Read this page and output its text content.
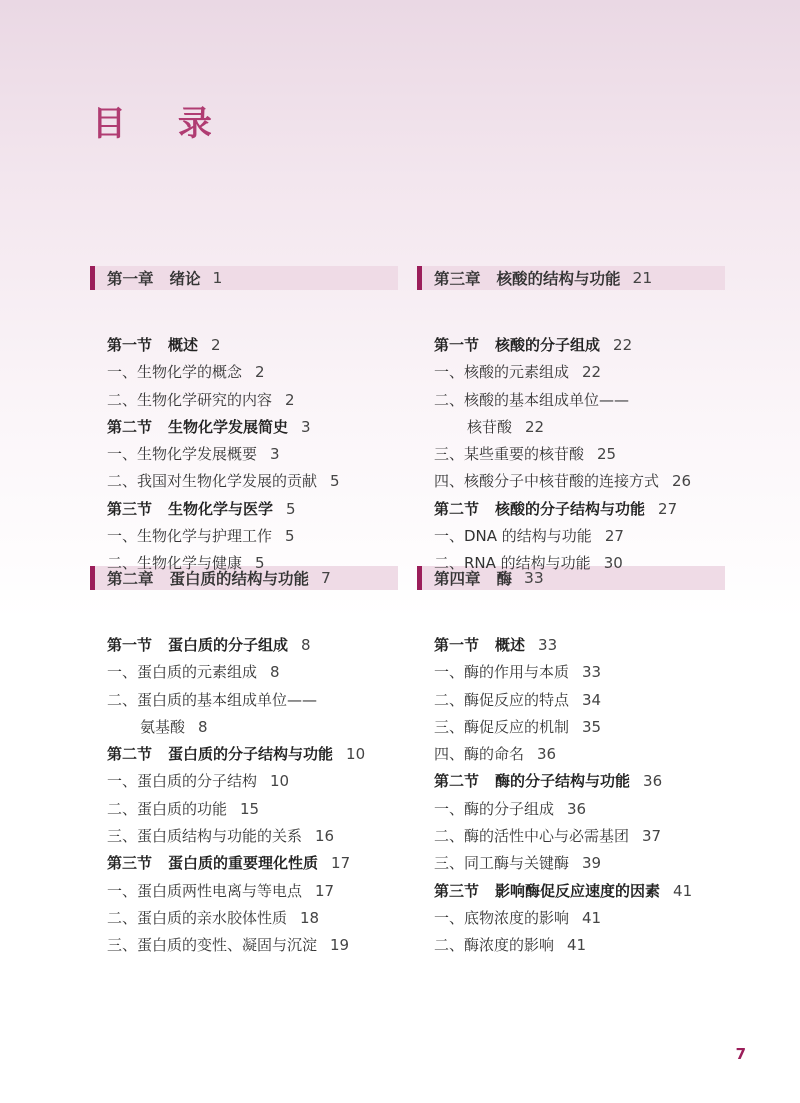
目 录
第一章 绪论 1
第一节 概述 2
一、生物化学的概念 2
二、生物化学研究的内容 2
第二节 生物化学发展简史 3
一、生物化学发展概要 3
二、我国对生物化学发展的贡献 5
第三节 生物化学与医学 5
一、生物化学与护理工作 5
二、生物化学与健康 5
第二章 蛋白质的结构与功能 7
第一节 蛋白质的分子组成 8
一、蛋白质的元素组成 8
二、蛋白质的基本组成单位——
氨基酸 8
第二节 蛋白质的分子结构与功能 10
一、蛋白质的分子结构 10
二、蛋白质的功能 15
三、蛋白质结构与功能的关系 16
第三节 蛋白质的重要理化性质 17
一、蛋白质两性电离与等电点 17
二、蛋白质的亲水胶体性质 18
三、蛋白质的变性、凝固与沉淀 19
第三章 核酸的结构与功能 21
第一节 核酸的分子组成 22
一、核酸的元素组成 22
二、核酸的基本组成单位——
核苷酸 22
三、某些重要的核苷酸 25
四、核酸分子中核苷酸的连接方式 26
第二节 核酸的分子结构与功能 27
一、DNA 的结构与功能 27
二、RNA 的结构与功能 30
第四章 酶 33
第一节 概述 33
一、酶的作用与本质 33
二、酶促反应的特点 34
三、酶促反应的机制 35
四、酶的命名 36
第二节 酶的分子结构与功能 36
一、酶的分子组成 36
二、酶的活性中心与必需基团 37
三、同工酶与关键酶 39
第三节 影响酶促反应速度的因素 41
一、底物浓度的影响 41
二、酶浓度的影响 41
7
